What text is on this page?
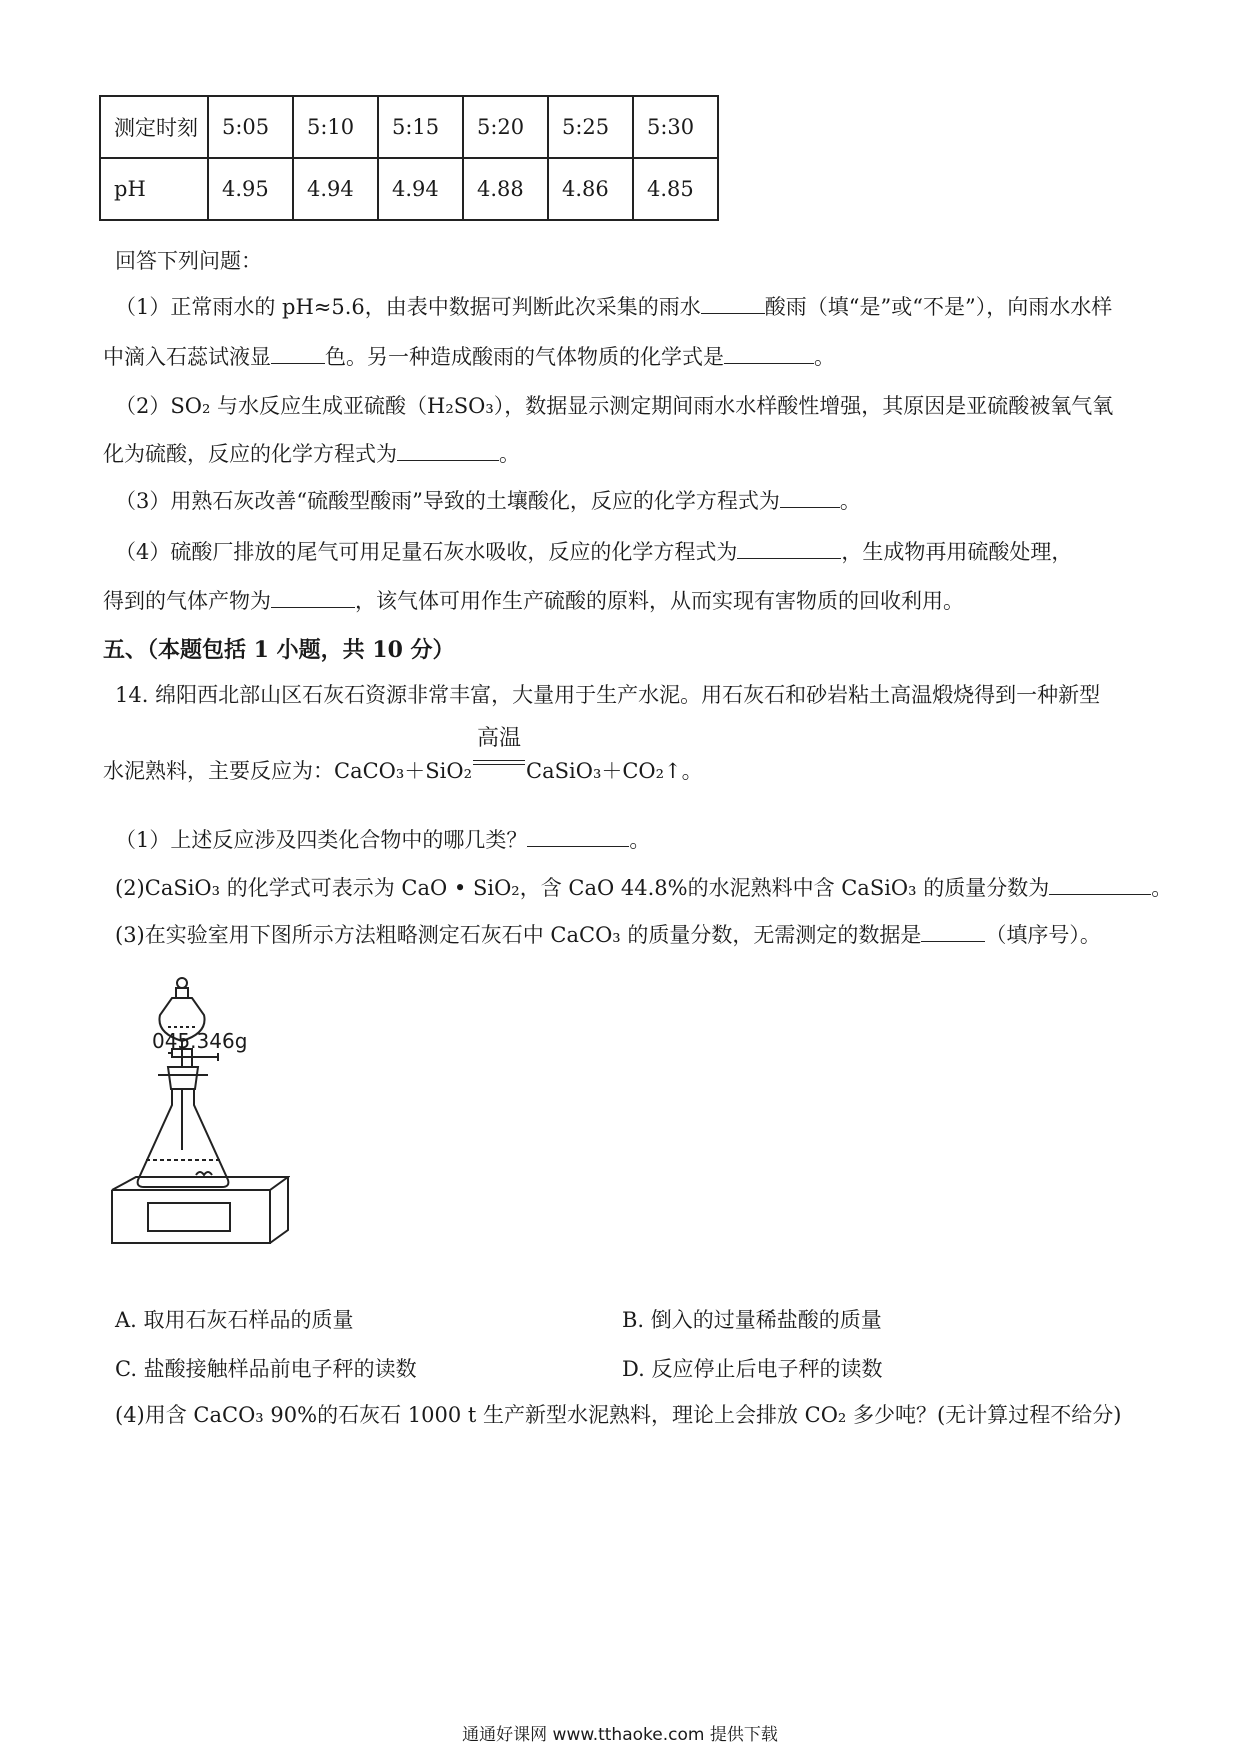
测定时刻	5:05	5:10	5:15	5:20	5:25	5:30
pH	4.95	4.94	4.94	4.88	4.86	4.85
回答下列问题：
（1）正常雨水的 pH≈5.6，由表中数据可判断此次采集的雨水	酸雨（填“是”或“不是”），向雨水水样
中滴入石蕊试液显	色。另一种造成酸雨的气体物质的化学式是	。
（2）SO₂ 与水反应生成亚硫酸（H₂SO₃），数据显示测定期间雨水水样酸性增强，其原因是亚硫酸被氧气氧
化为硫酸，反应的化学方程式为	。
（3）用熟石灰改善“硫酸型酸雨”导致的土壤酸化，反应的化学方程式为	。
（4）硫酸厂排放的尾气可用足量石灰水吸收，反应的化学方程式为	，生成物再用硫酸处理，
得到的气体产物为	，该气体可用作生产硫酸的原料，从而实现有害物质的回收利用。
五、（本题包括 1 小题，共 10 分）
14. 绵阳西北部山区石灰石资源非常丰富，大量用于生产水泥。用石灰石和砂岩粘土高温煅烧得到一种新型
水泥熟料，主要反应为：CaCO₃＋SiO₂
高温
CaSiO₃＋CO₂↑。
（1）上述反应涉及四类化合物中的哪几类？	。
(2)CaSiO₃ 的化学式可表示为 CaO • SiO₂，含 CaO 44.8%的水泥熟料中含 CaSiO₃ 的质量分数为	。
(3)在实验室用下图所示方法粗略测定石灰石中 CaCO₃ 的质量分数，无需测定的数据是	（填序号）。
045.346g
A. 取用石灰石样品的质量	B. 倒入的过量稀盐酸的质量
C. 盐酸接触样品前电子秤的读数	D. 反应停止后电子秤的读数
(4)用含 CaCO₃ 90%的石灰石 1000 t 生产新型水泥熟料，理论上会排放 CO₂ 多少吨？(无计算过程不给分)
通通好课网 www.tthaoke.com 提供下载
